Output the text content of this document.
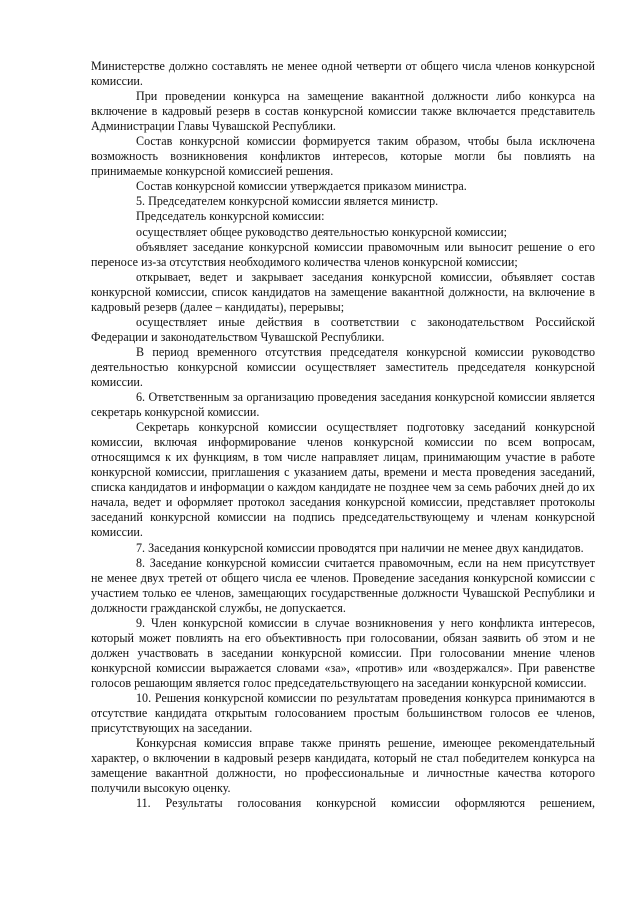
Министерстве должно составлять не менее одной четверти от общего числа членов конкурсной комиссии.

При проведении конкурса на замещение вакантной должности либо конкурса на включение в кадровый резерв в состав конкурсной комиссии также включается представитель Администрации Главы Чувашской Республики.

Состав конкурсной комиссии формируется таким образом, чтобы была исключена возможность возникновения конфликтов интересов, которые могли бы повлиять на принимаемые конкурсной комиссией решения.

Состав конкурсной комиссии утверждается приказом министра.

5. Председателем конкурсной комиссии является министр.

Председатель конкурсной комиссии:

осуществляет общее руководство деятельностью конкурсной комиссии;

объявляет заседание конкурсной комиссии правомочным или выносит решение о его переносе из-за отсутствия необходимого количества членов конкурсной комиссии;

открывает, ведет и закрывает заседания конкурсной комиссии, объявляет состав конкурсной комиссии, список кандидатов на замещение вакантной должности, на включение в кадровый резерв (далее – кандидаты), перерывы;

осуществляет иные действия в соответствии с законодательством Российской Федерации и законодательством Чувашской Республики.

В период временного отсутствия председателя конкурсной комиссии руководство деятельностью конкурсной комиссии осуществляет заместитель председателя конкурсной комиссии.

6. Ответственным за организацию проведения заседания конкурсной комиссии является секретарь конкурсной комиссии.

Секретарь конкурсной комиссии осуществляет подготовку заседаний конкурсной комиссии, включая информирование членов конкурсной комиссии по всем вопросам, относящимся к их функциям, в том числе направляет лицам, принимающим участие в работе конкурсной комиссии, приглашения с указанием даты, времени и места проведения заседаний, списка кандидатов и информации о каждом кандидате не позднее чем за семь рабочих дней до их начала, ведет и оформляет протокол заседания конкурсной комиссии, представляет протоколы заседаний конкурсной комиссии на подпись председательствующему и членам конкурсной комиссии.

7. Заседания конкурсной комиссии проводятся при наличии не менее двух кандидатов.

8. Заседание конкурсной комиссии считается правомочным, если на нем присутствует не менее двух третей от общего числа ее членов. Проведение заседания конкурсной комиссии с участием только ее членов, замещающих государственные должности Чувашской Республики и должности гражданской службы, не допускается.

9. Член конкурсной комиссии в случае возникновения у него конфликта интересов, который может повлиять на его объективность при голосовании, обязан заявить об этом и не должен участвовать в заседании конкурсной комиссии. При голосовании мнение членов конкурсной комиссии выражается словами «за», «против» или «воздержался». При равенстве голосов решающим является голос председательствующего на заседании конкурсной комиссии.

10. Решения конкурсной комиссии по результатам проведения конкурса принимаются в отсутствие кандидата открытым голосованием простым большинством голосов ее членов, присутствующих на заседании.

Конкурсная комиссия вправе также принять решение, имеющее рекомендательный характер, о включении в кадровый резерв кандидата, который не стал победителем конкурса на замещение вакантной должности, но профессиональные и личностные качества которого получили высокую оценку.

11. Результаты голосования конкурсной комиссии оформляются решением,
